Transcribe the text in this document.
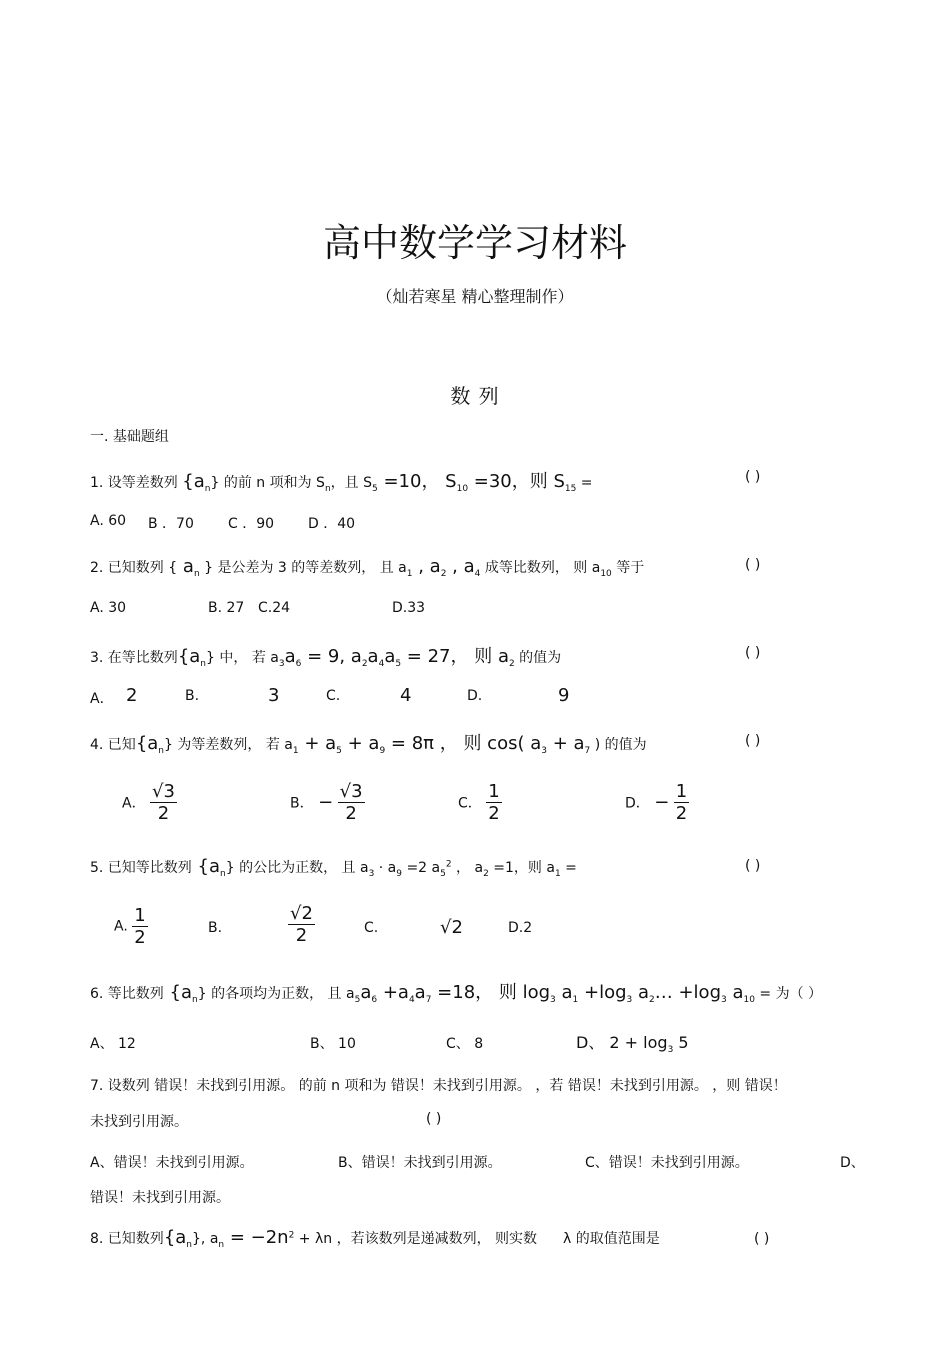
高中数学学习材料
（灿若寒星 精心整理制作）
数 列
一. 基础题组
1. 设等差数列 $\{a_n\}$ 的前 n 项和为 $S_n$，且 $S_5 =10$， $S_{10} =30$，则 $S_{15}$ =	( )
A. 60 B ．70 C ．90 D ．40
2. 已知数列 { $a_n$ } 是公差为 3 的等差数列， 且 $a_1$ , $a_2$ , $a_4$ 成等比数列， 则 $a_{10}$ 等于	( )
A. 30	B. 27 C.24	D.33
3. 在等比数列$\{a_n\}$ 中， 若 $a_3a_6 = 9$, $a_2a_4a_5 = 27$， 则 $a_2$ 的值为	( )
A． 2	B.	3	C.	4	D.	9
4. 已知$\{a_n\}$ 为等差数列， 若 $a_1 + a_5 + a_9 = 8\pi$ ， 则 cos( $a_3 + a_7$ ) 的值为	( )
A． $\frac{√3}{2}$	B． − $\frac{√3}{2}$	C． $\frac{1}{2}$	D． − $\frac{1}{2}$
5. 已知等比数列 $\{a_n\}$ 的公比为正数， 且 $a_3 \cdot a_9 =2$ $a_5^2$ ， $a_2 =1$，则 $a_1$ =	( )
A. $\frac{1}{2}$	B.	$\frac{√2}{2}$	C.	√2	D.2
6. 等比数列 $\{a_n\}$ 的各项均为正数， 且 $a_5a_6 +a_4a_7 =18$， 则 $\log_3 a_1 +\log_3$ $a_2\dots +\log_3$ $a_{10}$ = 为（ ）
A、 12	B、 10	C、 8	D、 $2 + \log_3 5$
7. 设数列 错误！未找到引用源。 的前 n 项和为 错误！未找到引用源。 ，若 错误！未找到引用源。 ，则 错误！
未找到引用源。	( )
A、错误！未找到引用源。	B、错误！未找到引用源。	C、错误！未找到引用源。	D、
错误！未找到引用源。
8. 已知数列$\{a_n\}$, $a_n = -2n^2 + \lambda n$ ，若该数列是递减数列， 则实数 λ 的取值范围是	( )
